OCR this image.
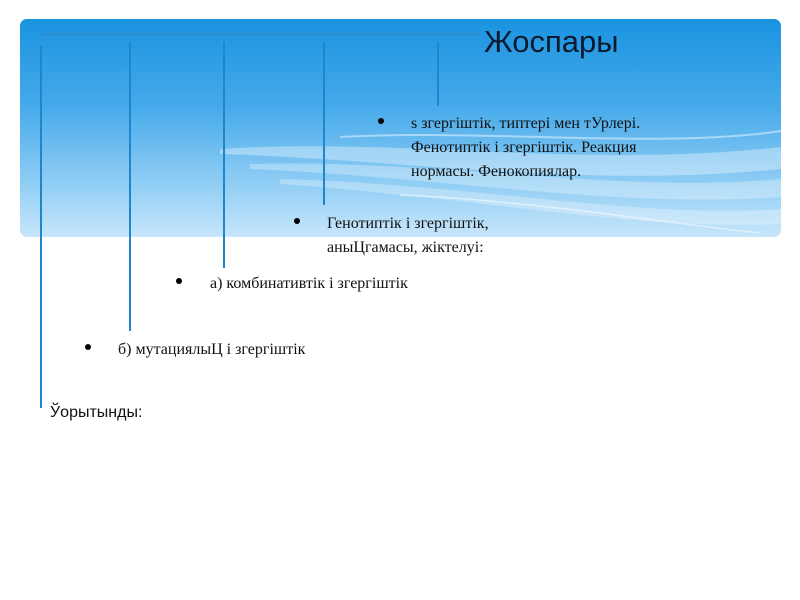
Жоспары
s згергіштік, типтері мен тУрлері.
Фенотиптік і згергіштік. Реакция
нормасы. Фенокопиялар.
Генотиптік і згергіштік,
аныЦгамасы, жіктелуі:
а) комбинативтік і згергіштік
б) мутациялыЦ і згергіштік
Ўорытынды:
